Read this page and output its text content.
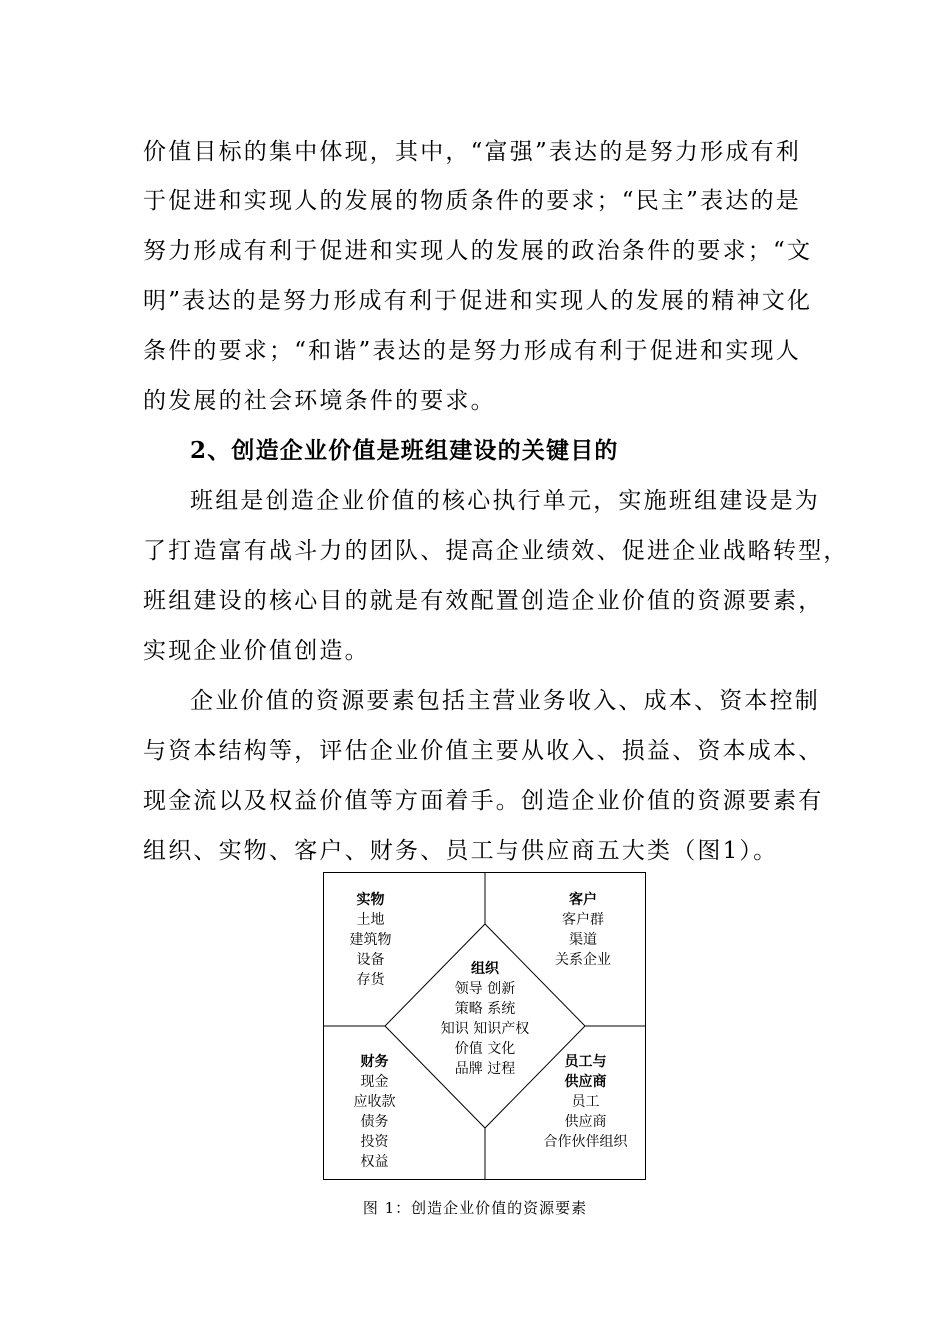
价值目标的集中体现，其中，“富强”表达的是努力形成有利
于促进和实现人的发展的物质条件的要求；“民主”表达的是
努力形成有利于促进和实现人的发展的政治条件的要求；“文
明”表达的是努力形成有利于促进和实现人的发展的精神文化
条件的要求；“和谐”表达的是努力形成有利于促进和实现人
的发展的社会环境条件的要求。
2、创造企业价值是班组建设的关键目的
班组是创造企业价值的核心执行单元，实施班组建设是为
了打造富有战斗力的团队、提高企业绩效、促进企业战略转型，
班组建设的核心目的就是有效配置创造企业价值的资源要素，
实现企业价值创造。
企业价值的资源要素包括主营业务收入、成本、资本控制
与资本结构等，评估企业价值主要从收入、损益、资本成本、
现金流以及权益价值等方面着手。创造企业价值的资源要素有
组织、实物、客户、财务、员工与供应商五大类（图1）。
实物
土地
建筑物
设备
存货
客户
客户群
渠道
关系企业
组织
领导 创新
策略 系统
知识 知识产权
价值 文化
品牌 过程
财务
现金
应收款
债务
投资
权益
员工与
供应商
员工
供应商
合作伙伴组织
图 1：创造企业价值的资源要素
